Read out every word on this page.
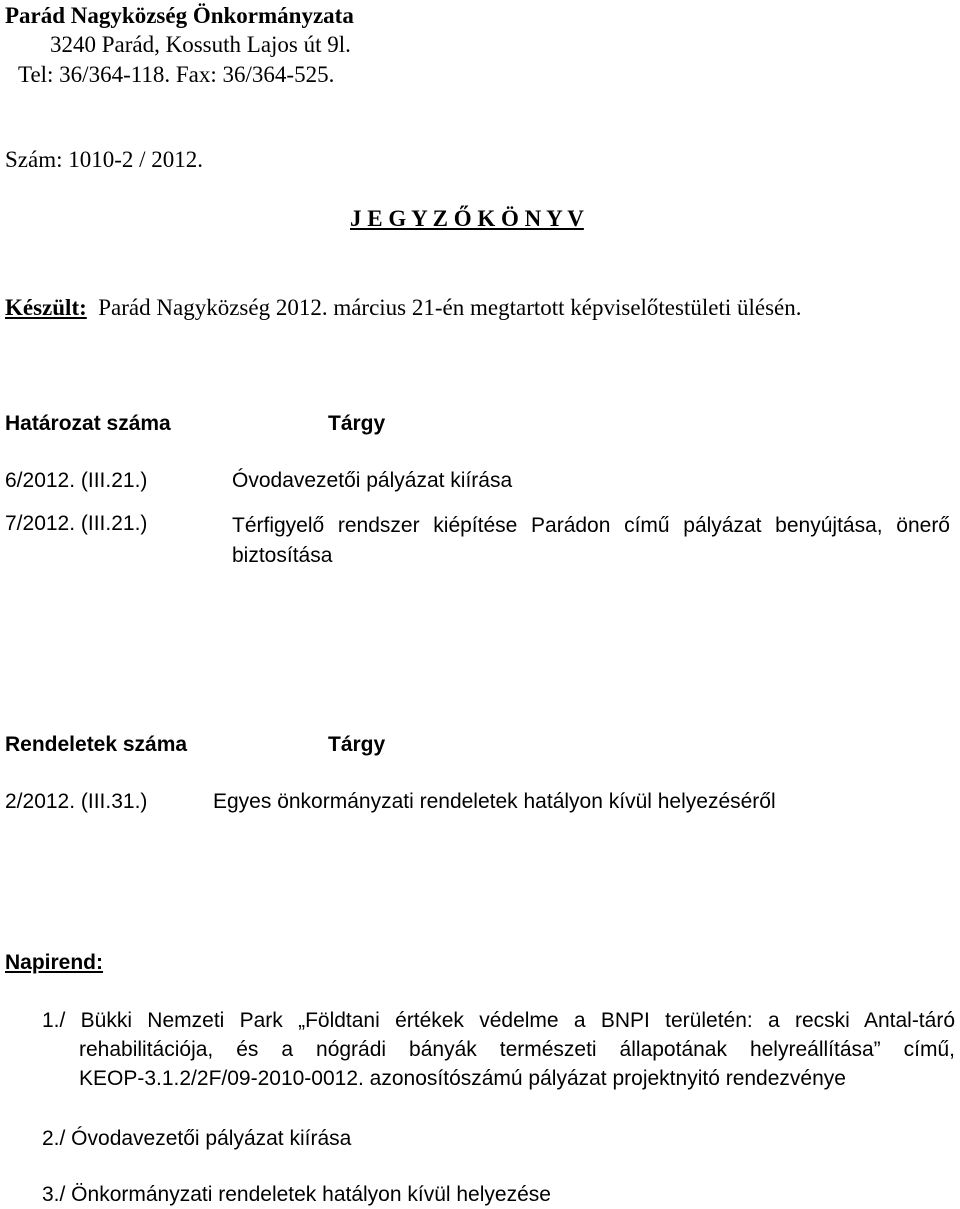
Parád Nagyközség Önkormányzata
3240 Parád, Kossuth Lajos út 9l.
Tel: 36/364-118. Fax: 36/364-525.
Szám: 1010-2 / 2012.
J E G Y Z Ő K Ö N Y V
Készült: Parád Nagyközség 2012. március 21-én megtartott képviselőtestületi ülésén.
Határozat száma	Tárgy
6/2012. (III.21.)	Óvodavezetői pályázat kiírása
7/2012. (III.21.)	Térfigyelő rendszer kiépítése Parádon című pályázat benyújtása, önerő biztosítása
Rendeletek száma	Tárgy
2/2012. (III.31.)	Egyes önkormányzati rendeletek hatályon kívül helyezéséről
Napirend:
1./ Bükki Nemzeti Park „Földtani értékek védelme a BNPI területén: a recski Antal-táró
rehabilitációja, és a nógrádi bányák természeti állapotának helyreállítása” című,
KEOP-3.1.2/2F/09-2010-0012. azonosítószámú pályázat projektnyitó rendezvénye
2./ Óvodavezetői pályázat kiírása
3./ Önkormányzati rendeletek hatályon kívül helyezése
